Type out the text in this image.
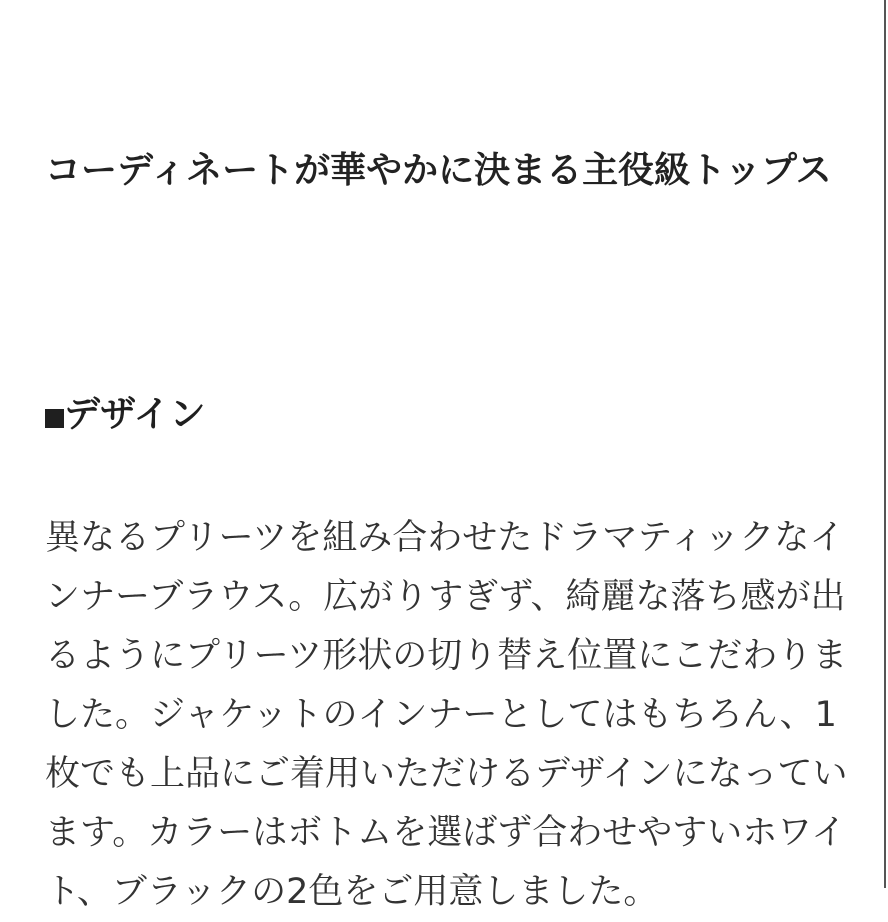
コーディネートが華やかに決まる主役級トップス
デザイン
異なるプリーツを組み合わせたドラマティックなイ
ンナーブラウス。広がりすぎず、綺麗な落ち感が出
るようにプリーツ形状の切り替え位置にこだわりま
した。ジャケットのインナーとしてはもちろん、1
枚でも上品にご着用いただけるデザインになってい
ます。カラーはボトムを選ばず合わせやすいホワイ
ト、ブラックの2色をご用意しました。
